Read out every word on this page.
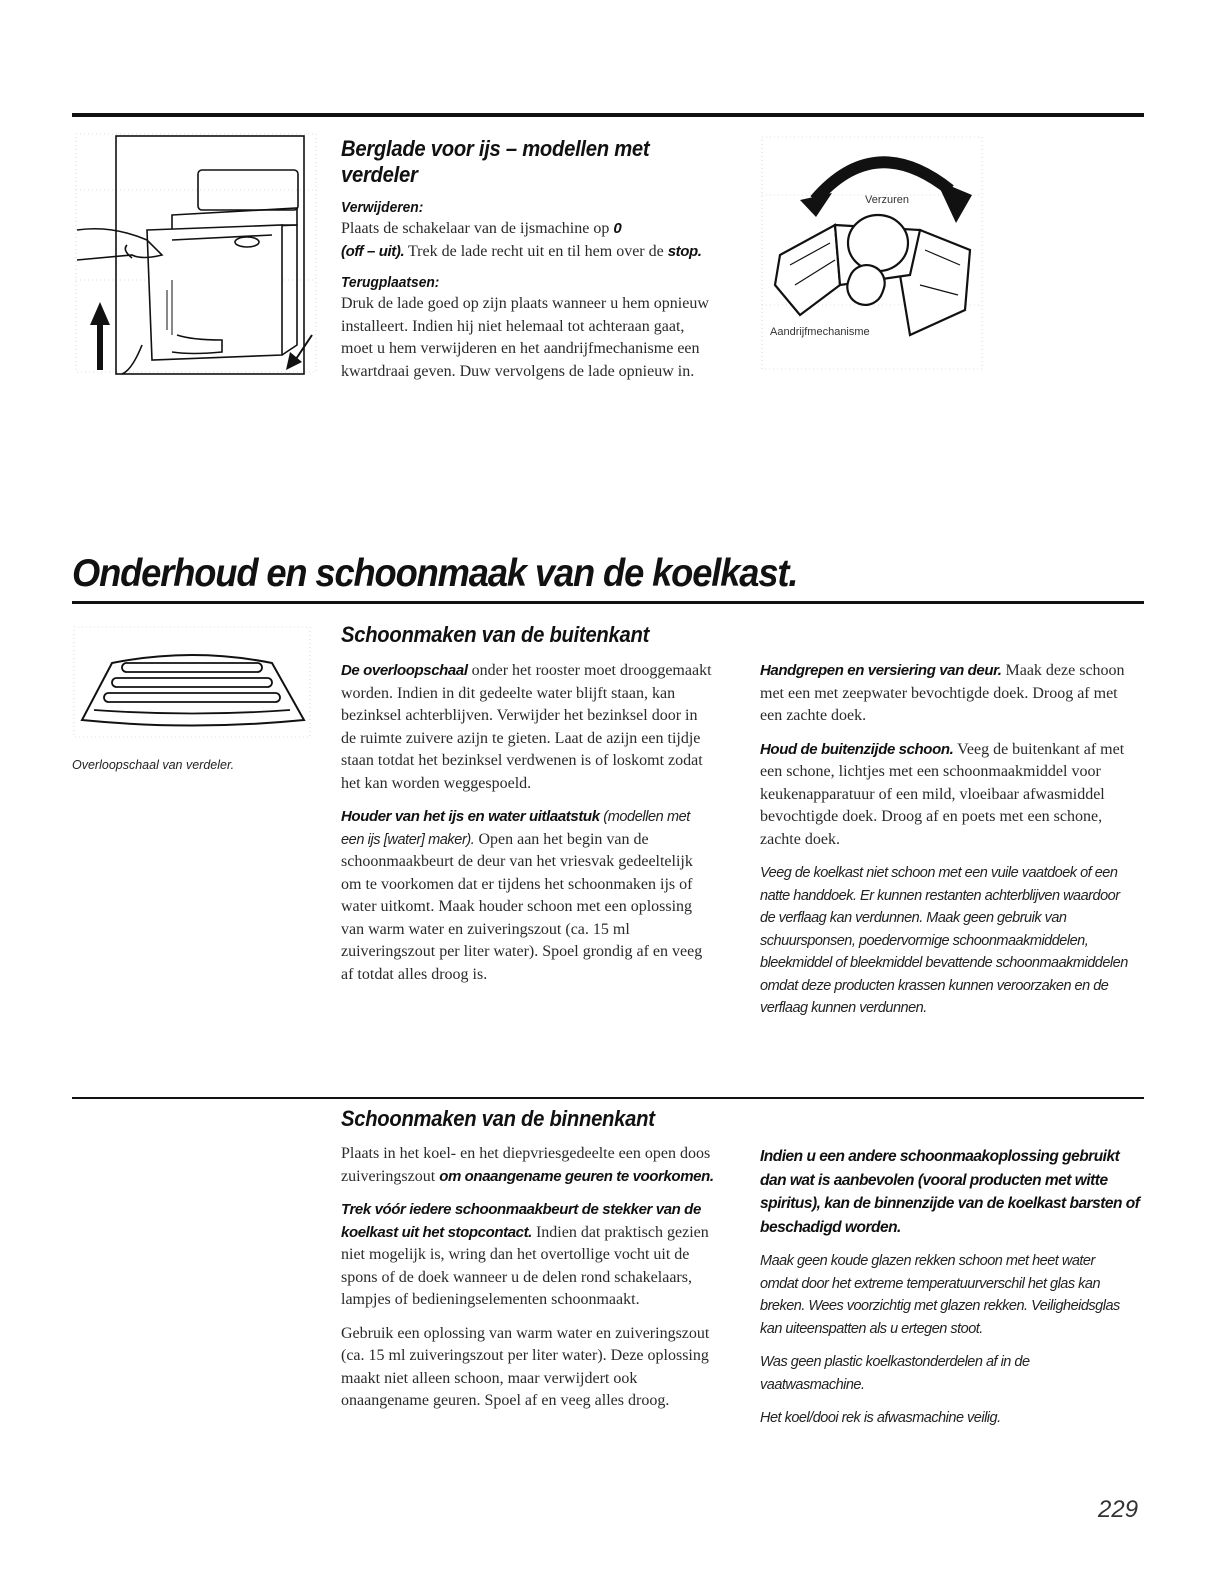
Berglade voor ijs – modellen met
verdeler
Verwijderen:

Plaats de schakelaar van de ijsmachine op 0
(off – uit). Trek de lade recht uit en til hem over de stop.

Terugplaatsen:

Druk de lade goed op zijn plaats wanneer u hem opnieuw installeert. Indien hij niet helemaal tot achteraan gaat, moet u hem verwijderen en het aandrijfmechanisme een kwartdraai geven. Duw vervolgens de lade opnieuw in.

Verzuren
Aandrijfmechanisme
Onderhoud en schoonmaak van de koelkast.
Overloopschaal van verdeler.
Schoonmaken van de buitenkant

De overloopschaal onder het rooster moet drooggemaakt worden. Indien in dit gedeelte water blijft staan, kan bezinksel achterblijven. Verwijder het bezinksel door in de ruimte zuivere azijn te gieten. Laat de azijn een tijdje staan totdat het bezinksel verdwenen is of loskomt zodat het kan worden weggespoeld.

Houder van het ijs en water uitlaatstuk (modellen met een ijs [water] maker). Open aan het begin van de schoonmaakbeurt de deur van het vriesvak gedeeltelijk om te voorkomen dat er tijdens het schoonmaken ijs of water uitkomt. Maak houder schoon met een oplossing van warm water en zuiveringszout (ca. 15 ml zuiveringszout per liter water). Spoel grondig af en veeg af totdat alles droog is.

Handgrepen en versiering van deur. Maak deze schoon met een met zeepwater bevochtigde doek. Droog af met een zachte doek.

Houd de buitenzijde schoon. Veeg de buitenkant af met een schone, lichtjes met een schoonmaakmiddel voor keukenapparatuur of een mild, vloeibaar afwasmiddel bevochtigde doek. Droog af en poets met een schone, zachte doek.

Veeg de koelkast niet schoon met een vuile vaatdoek of een natte handdoek. Er kunnen restanten achterblijven waardoor de verflaag kan verdunnen. Maak geen gebruik van schuursponsen, poedervormige schoonmaakmiddelen, bleekmiddel of bleekmiddel bevattende schoonmaakmiddelen omdat deze producten krassen kunnen veroorzaken en de verflaag kunnen verdunnen.

Schoonmaken van de binnenkant

Plaats in het koel- en het diepvriesgedeelte een open doos zuiveringszout om onaangename geuren te voorkomen.

Trek vóór iedere schoonmaakbeurt de stekker van de koelkast uit het stopcontact. Indien dat praktisch gezien niet mogelijk is, wring dan het overtollige vocht uit de spons of de doek wanneer u de delen rond schakelaars, lampjes of bedieningselementen schoonmaakt.

Gebruik een oplossing van warm water en zuiveringszout (ca. 15 ml zuiveringszout per liter water). Deze oplossing maakt niet alleen schoon, maar verwijdert ook onaangename geuren. Spoel af en veeg alles droog.

Indien u een andere schoonmaakoplossing gebruikt dan wat is aanbevolen (vooral producten met witte spiritus), kan de binnenzijde van de koelkast barsten of beschadigd worden.

Maak geen koude glazen rekken schoon met heet water omdat door het extreme temperatuurverschil het glas kan breken. Wees voorzichtig met glazen rekken. Veiligheidsglas kan uiteenspatten als u ertegen stoot.

Was geen plastic koelkastonderdelen af in de vaatwasmachine.

Het koel/dooi rek is afwasmachine veilig.

229
